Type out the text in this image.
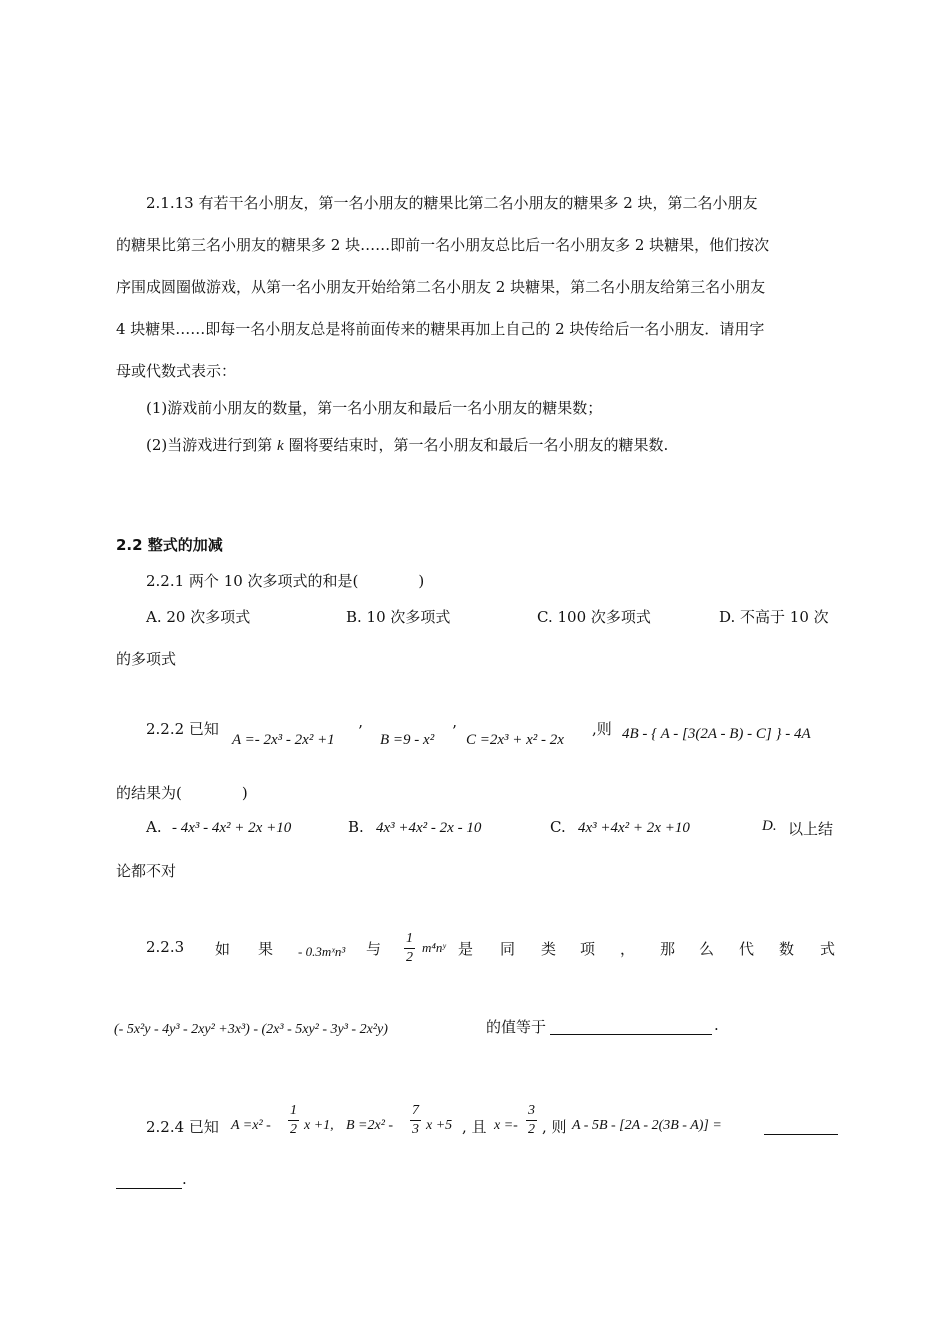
2.1.13 有若干名小朋友，第一名小朋友的糖果比第二名小朋友的糖果多 2 块，第二名小朋友
的糖果比第三名小朋友的糖果多 2 块……即前一名小朋友总比后一名小朋友多 2 块糖果，他们按次
序围成圆圈做游戏，从第一名小朋友开始给第二名小朋友 2 块糖果，第二名小朋友给第三名小朋友
4 块糖果……即每一名小朋友总是将前面传来的糖果再加上自己的 2 块传给后一名小朋友．请用字
母或代数式表示：
(1)游戏前小朋友的数量，第一名小朋友和最后一名小朋友的糖果数；
(2)当游戏进行到第 k 圈将要结束时，第一名小朋友和最后一名小朋友的糖果数.
2.2 整式的加减
2.2.1 两个 10 次多项式的和是(　　　　)
A. 20 次多项式	B. 10 次多项式	C. 100 次多项式	D. 不高于 10 次
的多项式
2.2.2 已知
A =- 2x³ - 2x² +1 ’ B =9 - x² ’ C =2x³ + x² - 2x
,则 4B - { A - [3(2A - B) - C] } - 4A
的结果为(　　　　)
A. - 4x³ - 4x² + 2x +10	B. 4x³ +4x² - 2x - 10	C. 4x³ +4x² + 2x +10	D. 以上结
论都不对
2.2.3 如 果 - 0.3mˣn³ 与 $\frac{1}{2}$ m⁴nʸ 是 同 类 项 ， 那 么 代 数 式
(- 5x²y - 4y³ - 2xy² +3x³) - (2x³ - 5xy² - 3y³ - 2x²y)	的值等于	.
2.2.4 已知 $A =x^2 - \frac{1}{2}$ x +1, $B =2x^2 - \frac{7}{3}$ x +5 , 且 $x =- \frac{3}{2}$ , 则 A - 5B - [2A - 2(3B - A)] =
.
